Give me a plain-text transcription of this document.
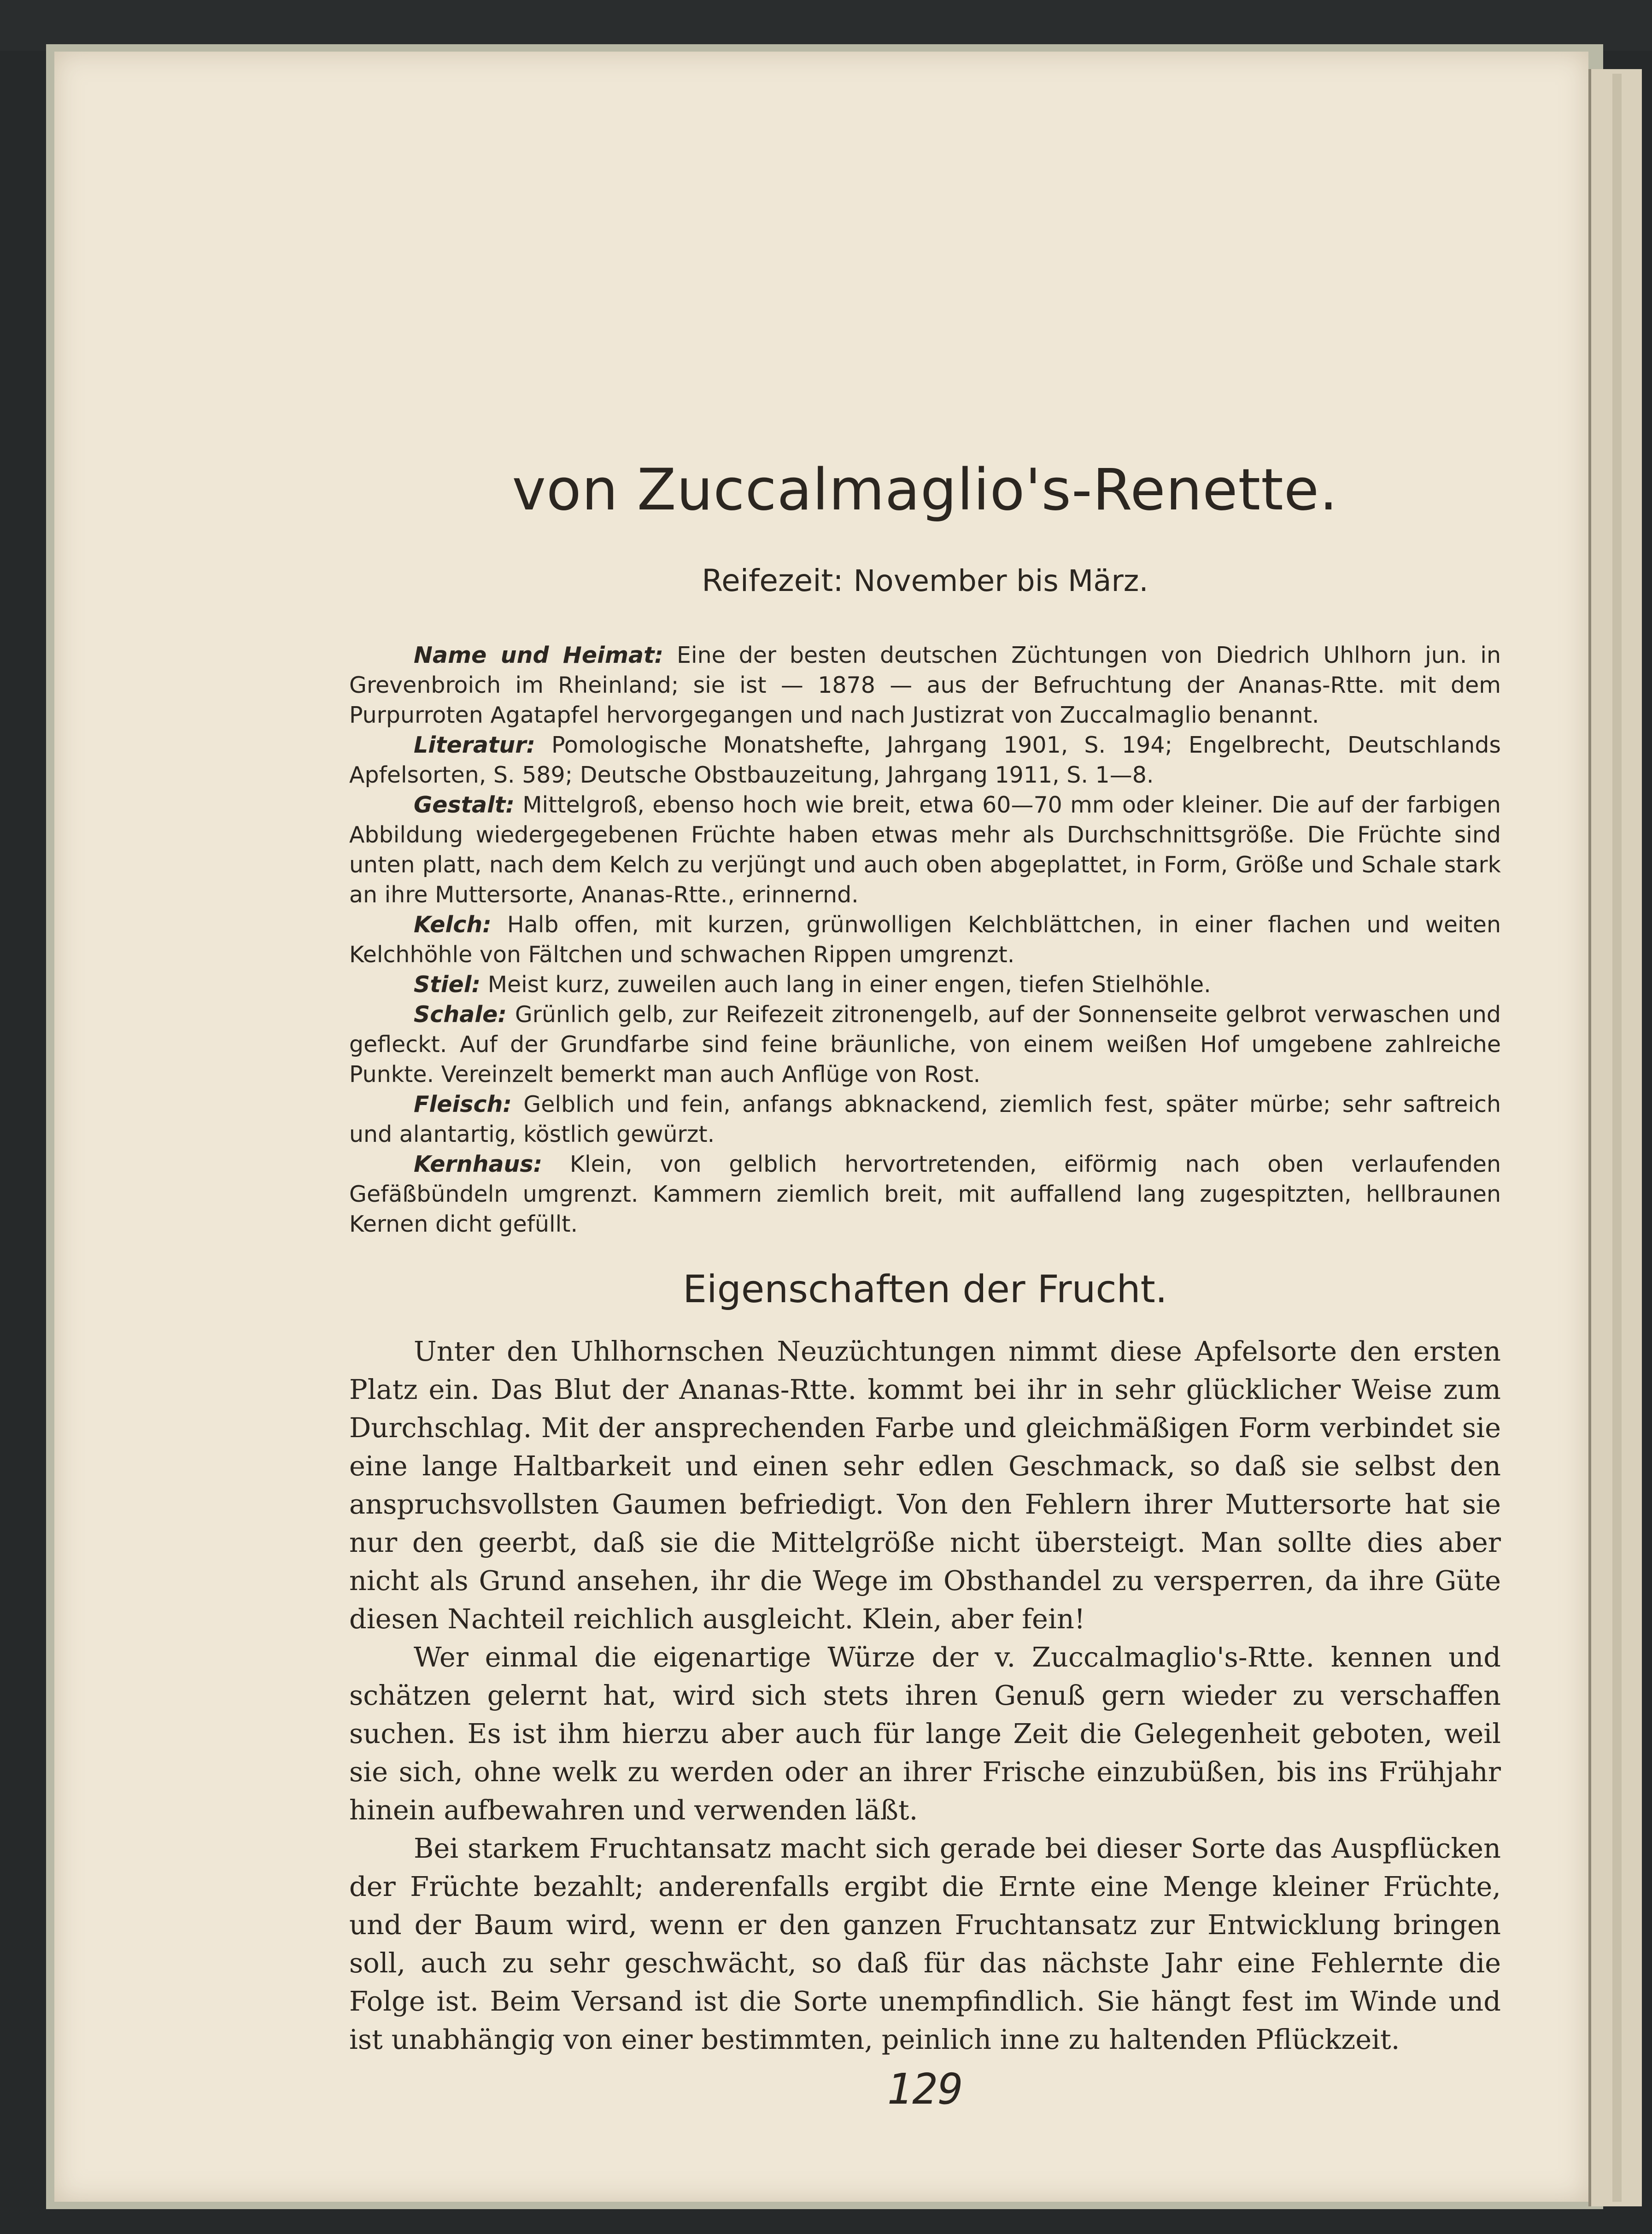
von Zuccalmaglio's-Renette.
Reifezeit: November bis März.

Name und Heimat: Eine der besten deutschen Züchtungen von Diedrich Uhlhorn jun. in Grevenbroich im Rheinland; sie ist — 1878 — aus der Befruchtung der Ananas-Rtte. mit dem Purpurroten Agatapfel hervorgegangen und nach Justizrat von Zuccalmaglio benannt.

Literatur: Pomologische Monatshefte, Jahrgang 1901, S. 194; Engelbrecht, Deutschlands Apfelsorten, S. 589; Deutsche Obstbauzeitung, Jahrgang 1911, S. 1—8.

Gestalt: Mittelgroß, ebenso hoch wie breit, etwa 60—70 mm oder kleiner. Die auf der farbigen Abbildung wiedergegebenen Früchte haben etwas mehr als Durchschnittsgröße. Die Früchte sind unten platt, nach dem Kelch zu verjüngt und auch oben abgeplattet, in Form, Größe und Schale stark an ihre Muttersorte, Ananas-Rtte., erinnernd.

Kelch: Halb offen, mit kurzen, grünwolligen Kelchblättchen, in einer flachen und weiten Kelchhöhle von Fältchen und schwachen Rippen umgrenzt.

Stiel: Meist kurz, zuweilen auch lang in einer engen, tiefen Stielhöhle.

Schale: Grünlich gelb, zur Reifezeit zitronengelb, auf der Sonnenseite gelbrot verwaschen und gefleckt. Auf der Grundfarbe sind feine bräunliche, von einem weißen Hof umgebene zahlreiche Punkte. Vereinzelt bemerkt man auch Anflüge von Rost.

Fleisch: Gelblich und fein, anfangs abknackend, ziemlich fest, später mürbe; sehr saftreich und alantartig, köstlich gewürzt.

Kernhaus: Klein, von gelblich hervortretenden, eiförmig nach oben verlaufenden Gefäßbündeln umgrenzt. Kammern ziemlich breit, mit auffallend lang zugespitzten, hellbraunen Kernen dicht gefüllt.

Eigenschaften der Frucht.

Unter den Uhlhornschen Neuzüchtungen nimmt diese Apfelsorte den ersten Platz ein. Das Blut der Ananas-Rtte. kommt bei ihr in sehr glücklicher Weise zum Durchschlag. Mit der ansprechenden Farbe und gleichmäßigen Form verbindet sie eine lange Haltbarkeit und einen sehr edlen Geschmack, so daß sie selbst den anspruchsvollsten Gaumen befriedigt. Von den Fehlern ihrer Muttersorte hat sie nur den geerbt, daß sie die Mittelgröße nicht übersteigt. Man sollte dies aber nicht als Grund ansehen, ihr die Wege im Obsthandel zu versperren, da ihre Güte diesen Nachteil reichlich ausgleicht. Klein, aber fein!

Wer einmal die eigenartige Würze der v. Zuccalmaglio's-Rtte. kennen und schätzen gelernt hat, wird sich stets ihren Genuß gern wieder zu verschaffen suchen. Es ist ihm hierzu aber auch für lange Zeit die Gelegenheit geboten, weil sie sich, ohne welk zu werden oder an ihrer Frische einzubüßen, bis ins Frühjahr hinein aufbewahren und verwenden läßt.

Bei starkem Fruchtansatz macht sich gerade bei dieser Sorte das Auspflücken der Früchte bezahlt; anderenfalls ergibt die Ernte eine Menge kleiner Früchte, und der Baum wird, wenn er den ganzen Fruchtansatz zur Entwicklung bringen soll, auch zu sehr geschwächt, so daß für das nächste Jahr eine Fehlernte die Folge ist. Beim Versand ist die Sorte unempfindlich. Sie hängt fest im Winde und ist unabhängig von einer bestimmten, peinlich inne zu haltenden Pflückzeit.

129
